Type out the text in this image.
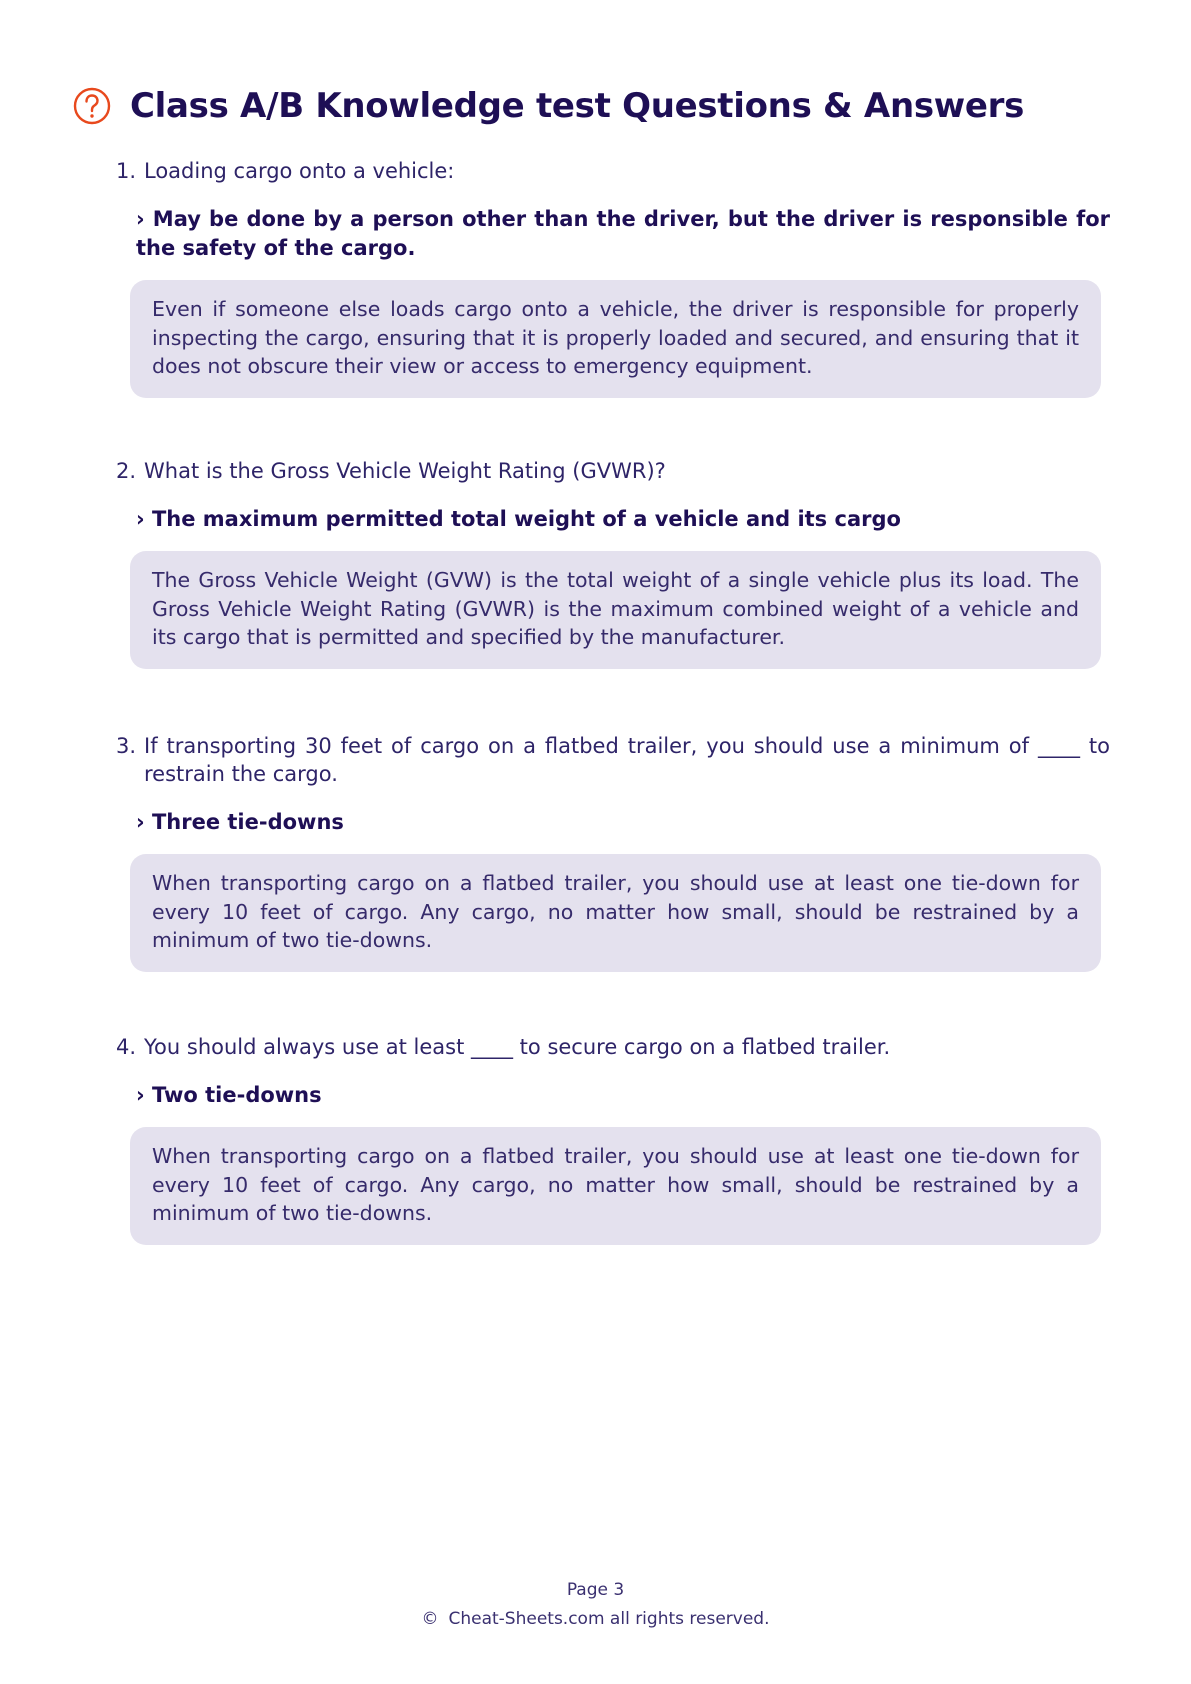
Class A/B Knowledge test Questions & Answers
1. Loading cargo onto a vehicle:
› May be done by a person other than the driver, but the driver is responsible for the safety of the cargo.
Even if someone else loads cargo onto a vehicle, the driver is responsible for properly inspecting the cargo, ensuring that it is properly loaded and secured, and ensuring that it does not obscure their view or access to emergency equipment.
2. What is the Gross Vehicle Weight Rating (GVWR)?
› The maximum permitted total weight of a vehicle and its cargo
The Gross Vehicle Weight (GVW) is the total weight of a single vehicle plus its load. The Gross Vehicle Weight Rating (GVWR) is the maximum combined weight of a vehicle and its cargo that is permitted and specified by the manufacturer.
3. If transporting 30 feet of cargo on a flatbed trailer, you should use a minimum of ____ to restrain the cargo.
› Three tie-downs
When transporting cargo on a flatbed trailer, you should use at least one tie-down for every 10 feet of cargo. Any cargo, no matter how small, should be restrained by a minimum of two tie-downs.
4. You should always use at least ____ to secure cargo on a flatbed trailer.
› Two tie-downs
When transporting cargo on a flatbed trailer, you should use at least one tie-down for every 10 feet of cargo. Any cargo, no matter how small, should be restrained by a minimum of two tie-downs.
Page 3
© Cheat-Sheets.com all rights reserved.
